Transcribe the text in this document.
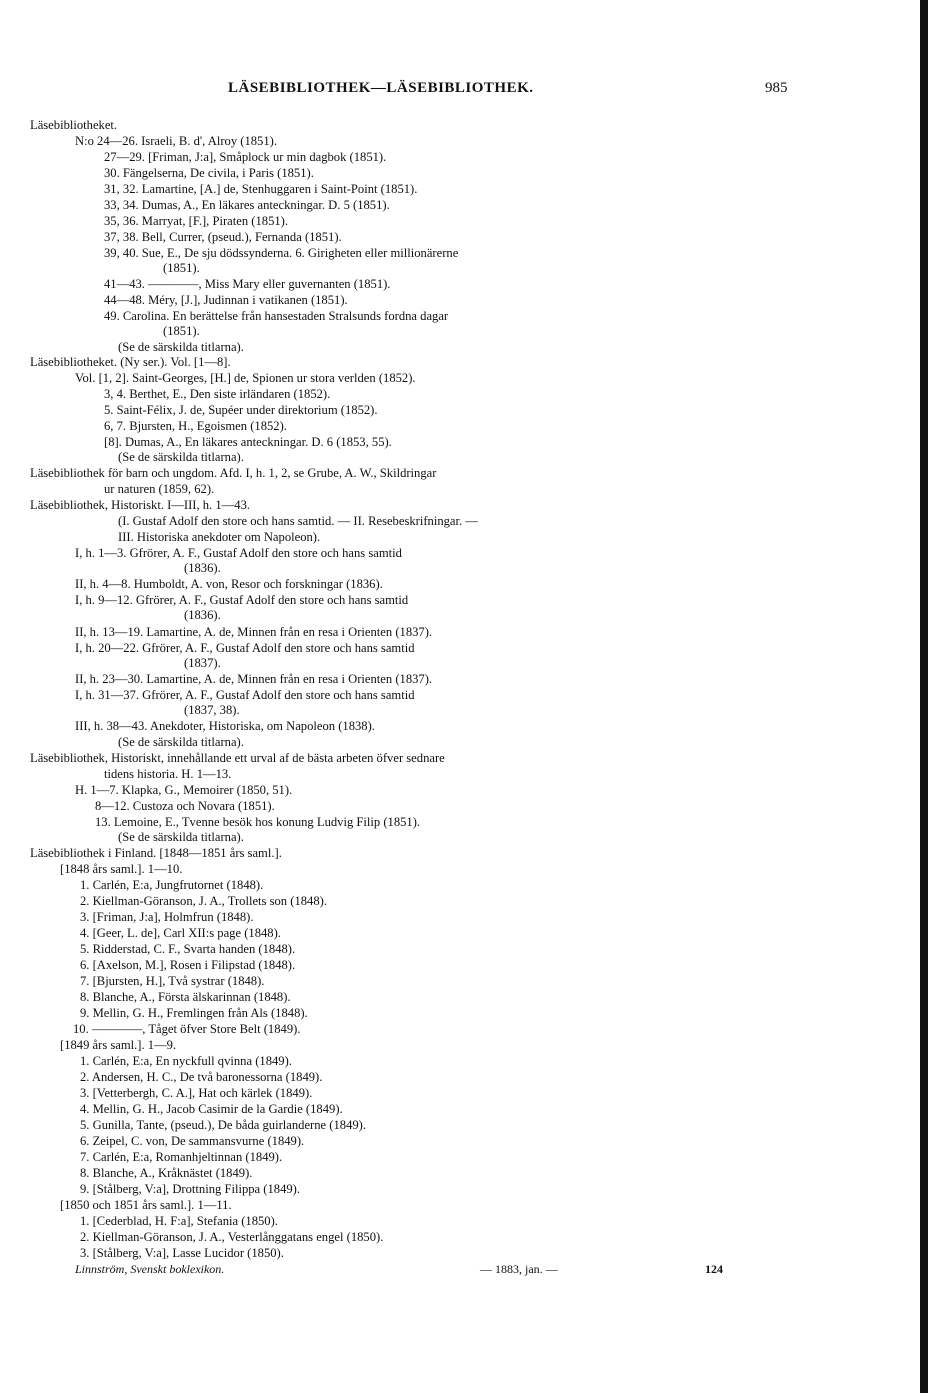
LÄSEBIBLIOTHEK—LÄSEBIBLIOTHEK.	985
Läsebibliotheket.
N:o 24—26. Israeli, B. d', Alroy (1851).
27—29. [Friman, J:a], Småplock ur min dagbok (1851).
30. Fängelserna, De civila, i Paris (1851).
31, 32. Lamartine, [A.] de, Stenhuggaren i Saint-Point (1851).
33, 34. Dumas, A., En läkares anteckningar. D. 5 (1851).
35, 36. Marryat, [F.], Piraten (1851).
37, 38. Bell, Currer, (pseud.), Fernanda (1851).
39, 40. Sue, E., De sju dödssynderna. 6. Girigheten eller millionärerne
(1851).
41—43. ————, Miss Mary eller guvernanten (1851).
44—48. Méry, [J.], Judinnan i vatikanen (1851).
49. Carolina. En berättelse från hansestaden Stralsunds fordna dagar
(1851).
(Se de särskilda titlarna).
Läsebibliotheket. (Ny ser.). Vol. [1—8].
Vol. [1, 2]. Saint-Georges, [H.] de, Spionen ur stora verlden (1852).
3, 4. Berthet, E., Den siste irländaren (1852).
5. Saint-Félix, J. de, Supéer under direktorium (1852).
6, 7. Bjursten, H., Egoismen (1852).
[8]. Dumas, A., En läkares anteckningar. D. 6 (1853, 55).
(Se de särskilda titlarna).
Läsebibliothek för barn och ungdom. Afd. I, h. 1, 2, se Grube, A. W., Skildringar
ur naturen (1859, 62).
Läsebibliothek, Historiskt. I—III, h. 1—43.
(I. Gustaf Adolf den store och hans samtid. — II. Resebeskrifningar. —
III. Historiska anekdoter om Napoleon).
I, h. 1—3. Gfrörer, A. F., Gustaf Adolf den store och hans samtid
(1836).
II, h. 4—8. Humboldt, A. von, Resor och forskningar (1836).
I, h. 9—12. Gfrörer, A. F., Gustaf Adolf den store och hans samtid
(1836).
II, h. 13—19. Lamartine, A. de, Minnen från en resa i Orienten (1837).
I, h. 20—22. Gfrörer, A. F., Gustaf Adolf den store och hans samtid
(1837).
II, h. 23—30. Lamartine, A. de, Minnen från en resa i Orienten (1837).
I, h. 31—37. Gfrörer, A. F., Gustaf Adolf den store och hans samtid
(1837, 38).
III, h. 38—43. Anekdoter, Historiska, om Napoleon (1838).
(Se de särskilda titlarna).
Läsebibliothek, Historiskt, innehållande ett urval af de bästa arbeten öfver sednare
tidens historia. H. 1—13.
H. 1—7. Klapka, G., Memoirer (1850, 51).
8—12. Custoza och Novara (1851).
13. Lemoine, E., Tvenne besök hos konung Ludvig Filip (1851).
(Se de särskilda titlarna).
Läsebibliothek i Finland. [1848—1851 års saml.].
[1848 års saml.]. 1—10.
1. Carlén, E:a, Jungfrutornet (1848).
2. Kiellman-Göranson, J. A., Trollets son (1848).
3. [Friman, J:a], Holmfrun (1848).
4. [Geer, L. de], Carl XII:s page (1848).
5. Ridderstad, C. F., Svarta handen (1848).
6. [Axelson, M.], Rosen i Filipstad (1848).
7. [Bjursten, H.], Två systrar (1848).
8. Blanche, A., Första älskarinnan (1848).
9. Mellin, G. H., Fremlingen från Als (1848).
10. ————, Tåget öfver Store Belt (1849).
[1849 års saml.]. 1—9.
1. Carlén, E:a, En nyckfull qvinna (1849).
2. Andersen, H. C., De två baronessorna (1849).
3. [Vetterbergh, C. A.], Hat och kärlek (1849).
4. Mellin, G. H., Jacob Casimir de la Gardie (1849).
5. Gunilla, Tante, (pseud.), De båda guirlanderne (1849).
6. Zeipel, C. von, De sammansvurne (1849).
7. Carlén, E:a, Romanhjeltinnan (1849).
8. Blanche, A., Kråknästet (1849).
9. [Stålberg, V:a], Drottning Filippa (1849).
[1850 och 1851 års saml.]. 1—11.
1. [Cederblad, H. F:a], Stefania (1850).
2. Kiellman-Göranson, J. A., Vesterlånggatans engel (1850).
3. [Stålberg, V:a], Lasse Lucidor (1850).
Linnström, Svenskt boklexikon.	— 1883, jan. —	124
